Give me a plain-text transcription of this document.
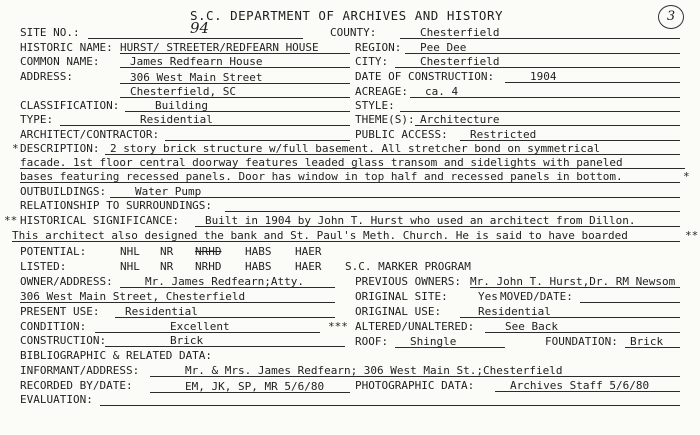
S.C. DEPARTMENT OF ARCHIVES AND HISTORY	3
SITE NO.:	94	COUNTY:	Chesterfield
HISTORIC NAME: HURST/ STREETER/REDFEARN HOUSE	REGION: Pee Dee
COMMON NAME:	James Redfearn House	CITY:	Chesterfield
ADDRESS:	306 West Main Street
Chesterfield, SC
DATE OF CONSTRUCTION:	1904
ACREAGE: ca. 4
CLASSIFICATION:	Building	STYLE:
TYPE:	Residential	THEME(S): Architecture
ARCHITECT/CONTRACTOR:	PUBLIC ACCESS: Restricted
* DESCRIPTION: 2 story brick structure w/full basement. All stretcher bond on symmetrical
facade. 1st floor central doorway features leaded glass transom and sidelights with paneled
bases featuring recessed panels. Door has window in top half and recessed panels in bottom.	*
OUTBUILDINGS:	Water Pump
RELATIONSHIP TO SURROUNDINGS:
** HISTORICAL SIGNIFICANCE: Built in 1904 by John T. Hurst who used an architect from Dillon.
This architect also designed the bank and St. Paul's Meth. Church. He is said to have boarded	**
POTENTIAL:	NHL NR NRHD HABS HAER
LISTED:	NHL NR NRHD HABS HAER S.C. MARKER PROGRAM
OWNER/ADDRESS:	Mr. James Redfearn;Atty.	PREVIOUS OWNERS: Mr. John T. Hurst,Dr. RM Newsom
306 West Main Street, Chesterfield	ORIGINAL SITE:	Yes MOVED/DATE:
PRESENT USE: Residential	ORIGINAL USE:	Residential
CONDITION:	Excellent	*** ALTERED/UNALTERED:	See Back
CONSTRUCTION:	Brick	ROOF: Shingle	FOUNDATION: Brick
BIBLIOGRAPHIC & RELATED DATA:
INFORMANT/ADDRESS:	Mr. & Mrs. James Redfearn; 306 West Main St.;Chesterfield
RECORDED BY/DATE:	EM, JK, SP, MR 5/6/80	PHOTOGRAPHIC DATA:	Archives Staff 5/6/80
EVALUATION:
